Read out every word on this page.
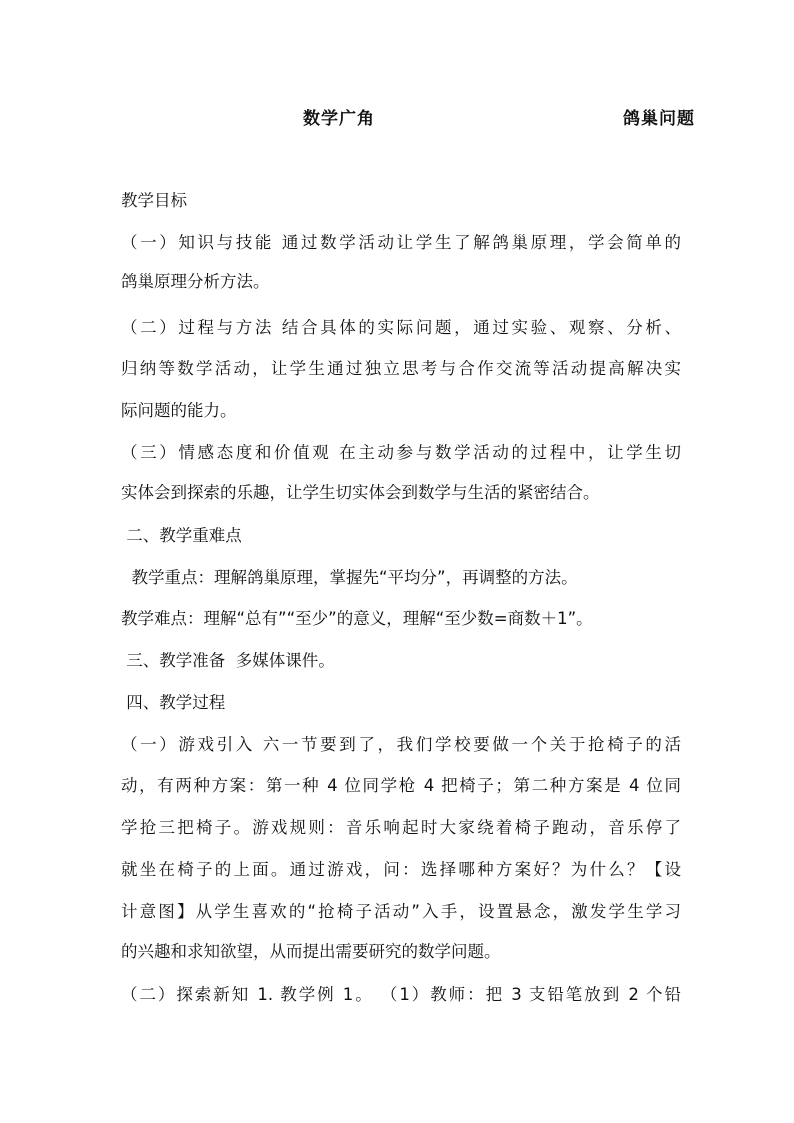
数学广角	鸽巢问题
教学目标
（一）知识与技能 通过数学活动让学生了解鸽巢原理，学会简单的
鸽巢原理分析方法。
（二）过程与方法 结合具体的实际问题，通过实验、观察、分析、
归纳等数学活动，让学生通过独立思考与合作交流等活动提高解决实
际问题的能力。
（三）情感态度和价值观 在主动参与数学活动的过程中，让学生切
实体会到探索的乐趣，让学生切实体会到数学与生活的紧密结合。
二、教学重难点
教学重点：理解鸽巢原理，掌握先“平均分”，再调整的方法。
教学难点：理解“总有”“至少”的意义，理解“至少数=商数＋1”。
三、教学准备  多媒体课件。
四、教学过程
（一）游戏引入 六一节要到了，我们学校要做一个关于抢椅子的活
动，有两种方案：第一种 4 位同学枪 4 把椅子；第二种方案是 4 位同
学抢三把椅子。游戏规则：音乐响起时大家绕着椅子跑动，音乐停了
就坐在椅子的上面。通过游戏，问：选择哪种方案好？为什么？【设
计意图】从学生喜欢的“抢椅子活动”入手，设置悬念，激发学生学习
的兴趣和求知欲望，从而提出需要研究的数学问题。
（二）探索新知 1. 教学例 1。 （1）教师：把 3 支铅笔放到 2 个铅
